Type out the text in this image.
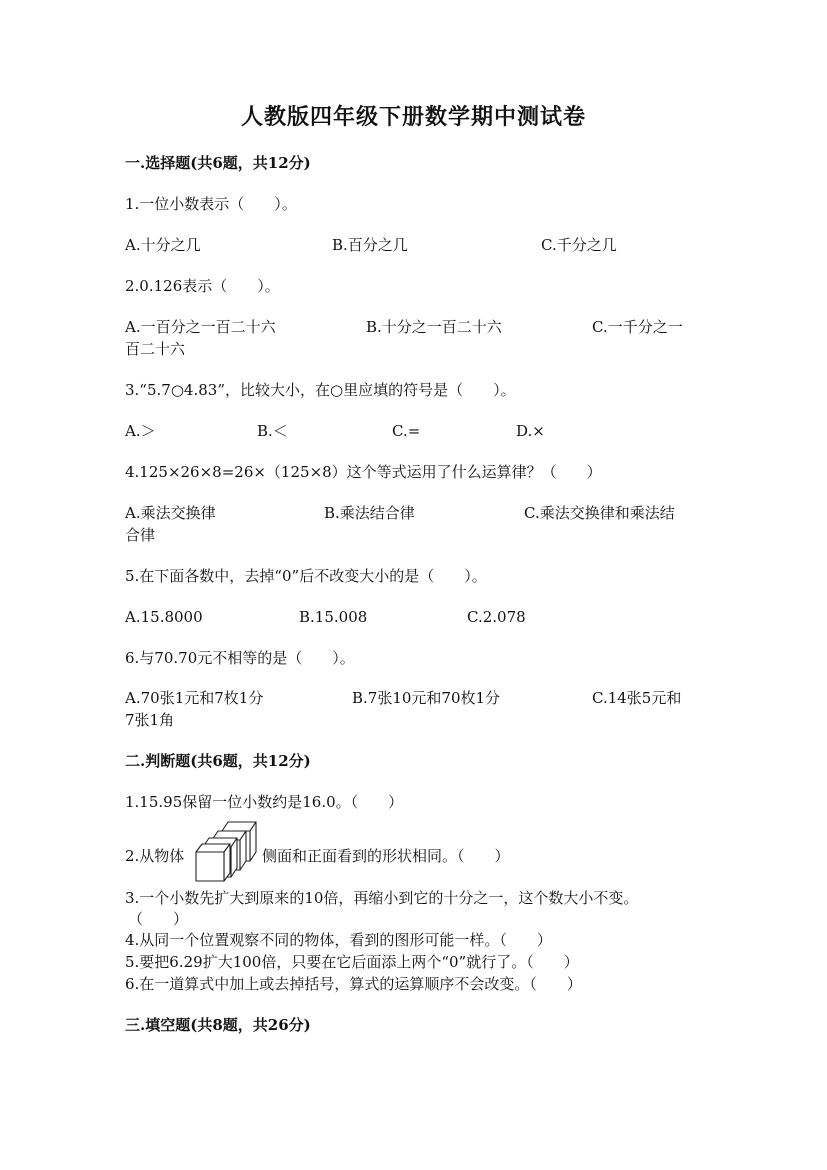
人教版四年级下册数学期中测试卷
一.选择题(共6题，共12分)
1.一位小数表示（　　）。
A.十分之几	B.百分之几	C.千分之几
2.0.126表示（　　）。
A.一百分之一百二十六	B.十分之一百二十六	C.一千分之一
百二十六
3.“5.7○4.83”，比较大小，在○里应填的符号是（　　）。
A.＞	B.＜	C.=	D.×
4.125×26×8=26×（125×8）这个等式运用了什么运算律？（　　）
A.乘法交换律	B.乘法结合律	C.乘法交换律和乘法结
合律
5.在下面各数中，去掉“0”后不改变大小的是（　　）。
A.15.8000	B.15.008	C.2.078
6.与70.70元不相等的是（　　）。
A.70张1元和7枚1分	B.7张10元和70枚1分	C.14张5元和
7张1角
二.判断题(共6题，共12分)
1.15.95保留一位小数约是16.0。（　　）
2.从物体	侧面和正面看到的形状相同。（　　）
3.一个小数先扩大到原来的10倍，再缩小到它的十分之一，这个数大小不变。
（　　）
4.从同一个位置观察不同的物体，看到的图形可能一样。（　　）
5.要把6.29扩大100倍，只要在它后面添上两个“0”就行了。（　　）
6.在一道算式中加上或去掉括号，算式的运算顺序不会改变。（　　）
三.填空题(共8题，共26分)
